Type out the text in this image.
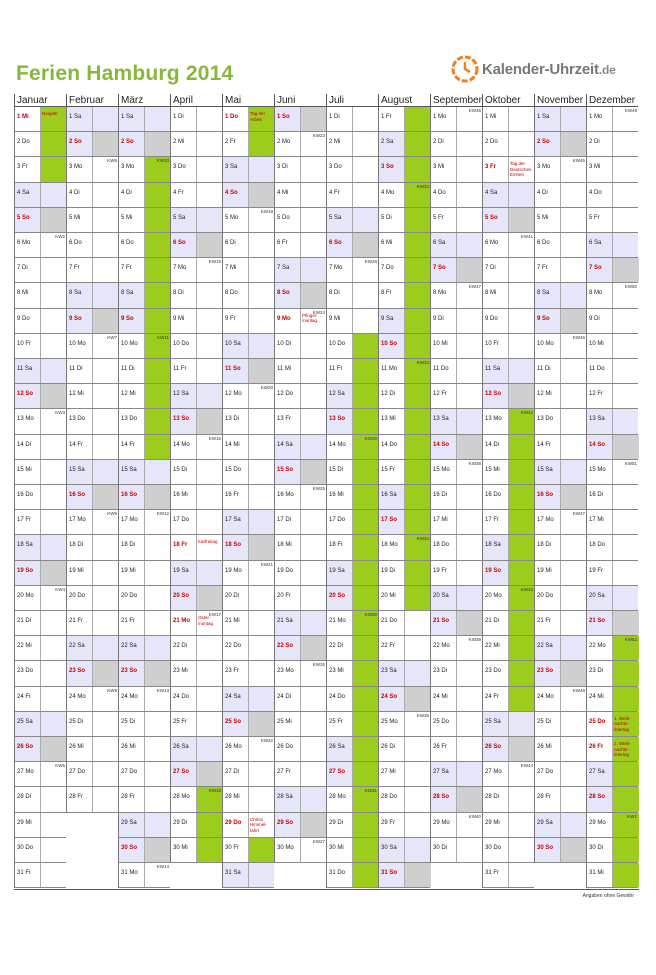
Ferien Hamburg 2014	Kalender-Uhrzeit.de
Januar
1 Mi
Neujahr
2 Do
3 Fr
4 Sa
5 So
6 Mo
KW2
7 Di
8 Mi
9 Do
10 Fr
11 Sa
12 So
13 Mo
KW3
14 Di
15 Mi
16 Do
17 Fr
18 Sa
19 So
20 Mo
KW4
21 Di
22 Mi
23 Do
24 Fr
25 Sa
26 So
27 Mo
KW5
28 Di
29 Mi
30 Do
31 Fr
Februar
1 Sa
2 So
3 Mo
KW6
4 Di
5 Mi
6 Do
7 Fr
8 Sa
9 So
10 Mo
KW7
11 Di
12 Mi
13 Do
14 Fr
15 Sa
16 So
17 Mo
KW8
18 Di
19 Mi
20 Do
21 Fr
22 Sa
23 So
24 Mo
KW9
25 Di
26 Mi
27 Do
28 Fr
März
1 Sa
2 So
3 Mo
KW10
4 Di
5 Mi
6 Do
7 Fr
8 Sa
9 So
10 Mo
KW11
11 Di
12 Mi
13 Do
14 Fr
15 Sa
16 So
17 Mo
KW12
18 Di
19 Mi
20 Do
21 Fr
22 Sa
23 So
24 Mo
KW13
25 Di
26 Mi
27 Do
28 Fr
29 Sa
30 So
31 Mo
KW14
April
1 Di
2 Mi
3 Do
4 Fr
5 Sa
6 So
7 Mo
KW15
8 Di
9 Mi
10 Do
11 Fr
12 Sa
13 So
14 Mo
KW16
15 Di
16 Mi
17 Do
18 Fr
Karfreitag
19 Sa
20 So
21 Mo
Oster-montag
KW17
22 Di
23 Mi
24 Do
25 Fr
26 Sa
27 So
28 Mo
KW18
29 Di
30 Mi
Mai
1 Do
Tag der Arbeit
2 Fr
3 Sa
4 So
5 Mo
KW19
6 Di
7 Mi
8 Do
9 Fr
10 Sa
11 So
12 Mo
KW20
13 Di
14 Mi
15 Do
16 Fr
17 Sa
18 So
19 Mo
KW21
20 Di
21 Mi
22 Do
23 Fr
24 Sa
25 So
26 Mo
KW22
27 Di
28 Mi
29 Do
Christi Himmel-fahrt
30 Fr
31 Sa
Juni
1 So
2 Mo
KW23
3 Di
4 Mi
5 Do
6 Fr
7 Sa
8 So
9 Mo
Pfingst-montag
KW24
10 Di
11 Mi
12 Do
13 Fr
14 Sa
15 So
16 Mo
KW25
17 Di
18 Mi
19 Do
20 Fr
21 Sa
22 So
23 Mo
KW26
24 Di
25 Mi
26 Do
27 Fr
28 Sa
29 So
30 Mo
KW27
Juli
1 Di
2 Mi
3 Do
4 Fr
5 Sa
6 So
7 Mo
KW28
8 Di
9 Mi
10 Do
11 Fr
12 Sa
13 So
14 Mo
KW29
15 Di
16 Mi
17 Do
18 Fr
19 Sa
20 So
21 Mo
KW30
22 Di
23 Mi
24 Do
25 Fr
26 Sa
27 So
28 Mo
KW31
29 Di
30 Mi
31 Do
August
1 Fr
2 Sa
3 So
4 Mo
KW32
5 Di
6 Mi
7 Do
8 Fr
9 Sa
10 So
11 Mo
KW33
12 Di
13 Mi
14 Do
15 Fr
16 Sa
17 So
18 Mo
KW34
19 Di
20 Mi
21 Do
22 Fr
23 Sa
24 So
25 Mo
KW35
26 Di
27 Mi
28 Do
29 Fr
30 Sa
31 So
September
1 Mo
KW36
2 Di
3 Mi
4 Do
5 Fr
6 Sa
7 So
8 Mo
KW37
9 Di
10 Mi
11 Do
12 Fr
13 Sa
14 So
15 Mo
KW38
16 Di
17 Mi
18 Do
19 Fr
20 Sa
21 So
22 Mo
KW39
23 Di
24 Mi
25 Do
26 Fr
27 Sa
28 So
29 Mo
KW40
30 Di
Oktober
1 Mi
2 Do
3 Fr
Tag der Deutschen Einheit
4 Sa
5 So
6 Mo
KW41
7 Di
8 Mi
9 Do
10 Fr
11 Sa
12 So
13 Mo
KW42
14 Di
15 Mi
16 Do
17 Fr
18 Sa
19 So
20 Mo
KW43
21 Di
22 Mi
23 Do
24 Fr
25 Sa
26 So
27 Mo
KW44
28 Di
29 Mi
30 Do
31 Fr
November
1 Sa
2 So
3 Mo
KW45
4 Di
5 Mi
6 Do
7 Fr
8 Sa
9 So
10 Mo
KW46
11 Di
12 Mi
13 Do
14 Fr
15 Sa
16 So
17 Mo
KW47
18 Di
19 Mi
20 Do
21 Fr
22 Sa
23 So
24 Mo
KW48
25 Di
26 Mi
27 Do
28 Fr
29 Sa
30 So
Dezember
1 Mo
KW49
2 Di
3 Mi
4 Do
5 Fr
6 Sa
7 So
8 Mo
KW50
9 Di
10 Mi
11 Do
12 Fr
13 Sa
14 So
15 Mo
KW51
16 Di
17 Mi
18 Do
19 Fr
20 Sa
21 So
22 Mo
KW52
23 Di
24 Mi
25 Do
1. Weih-nachts-feiertag
26 Fr
2. Weih-nachts-feiertag
27 Sa
28 So
29 Mo
KW1
30 Di
31 Mi
Angaben ohne Gewähr
